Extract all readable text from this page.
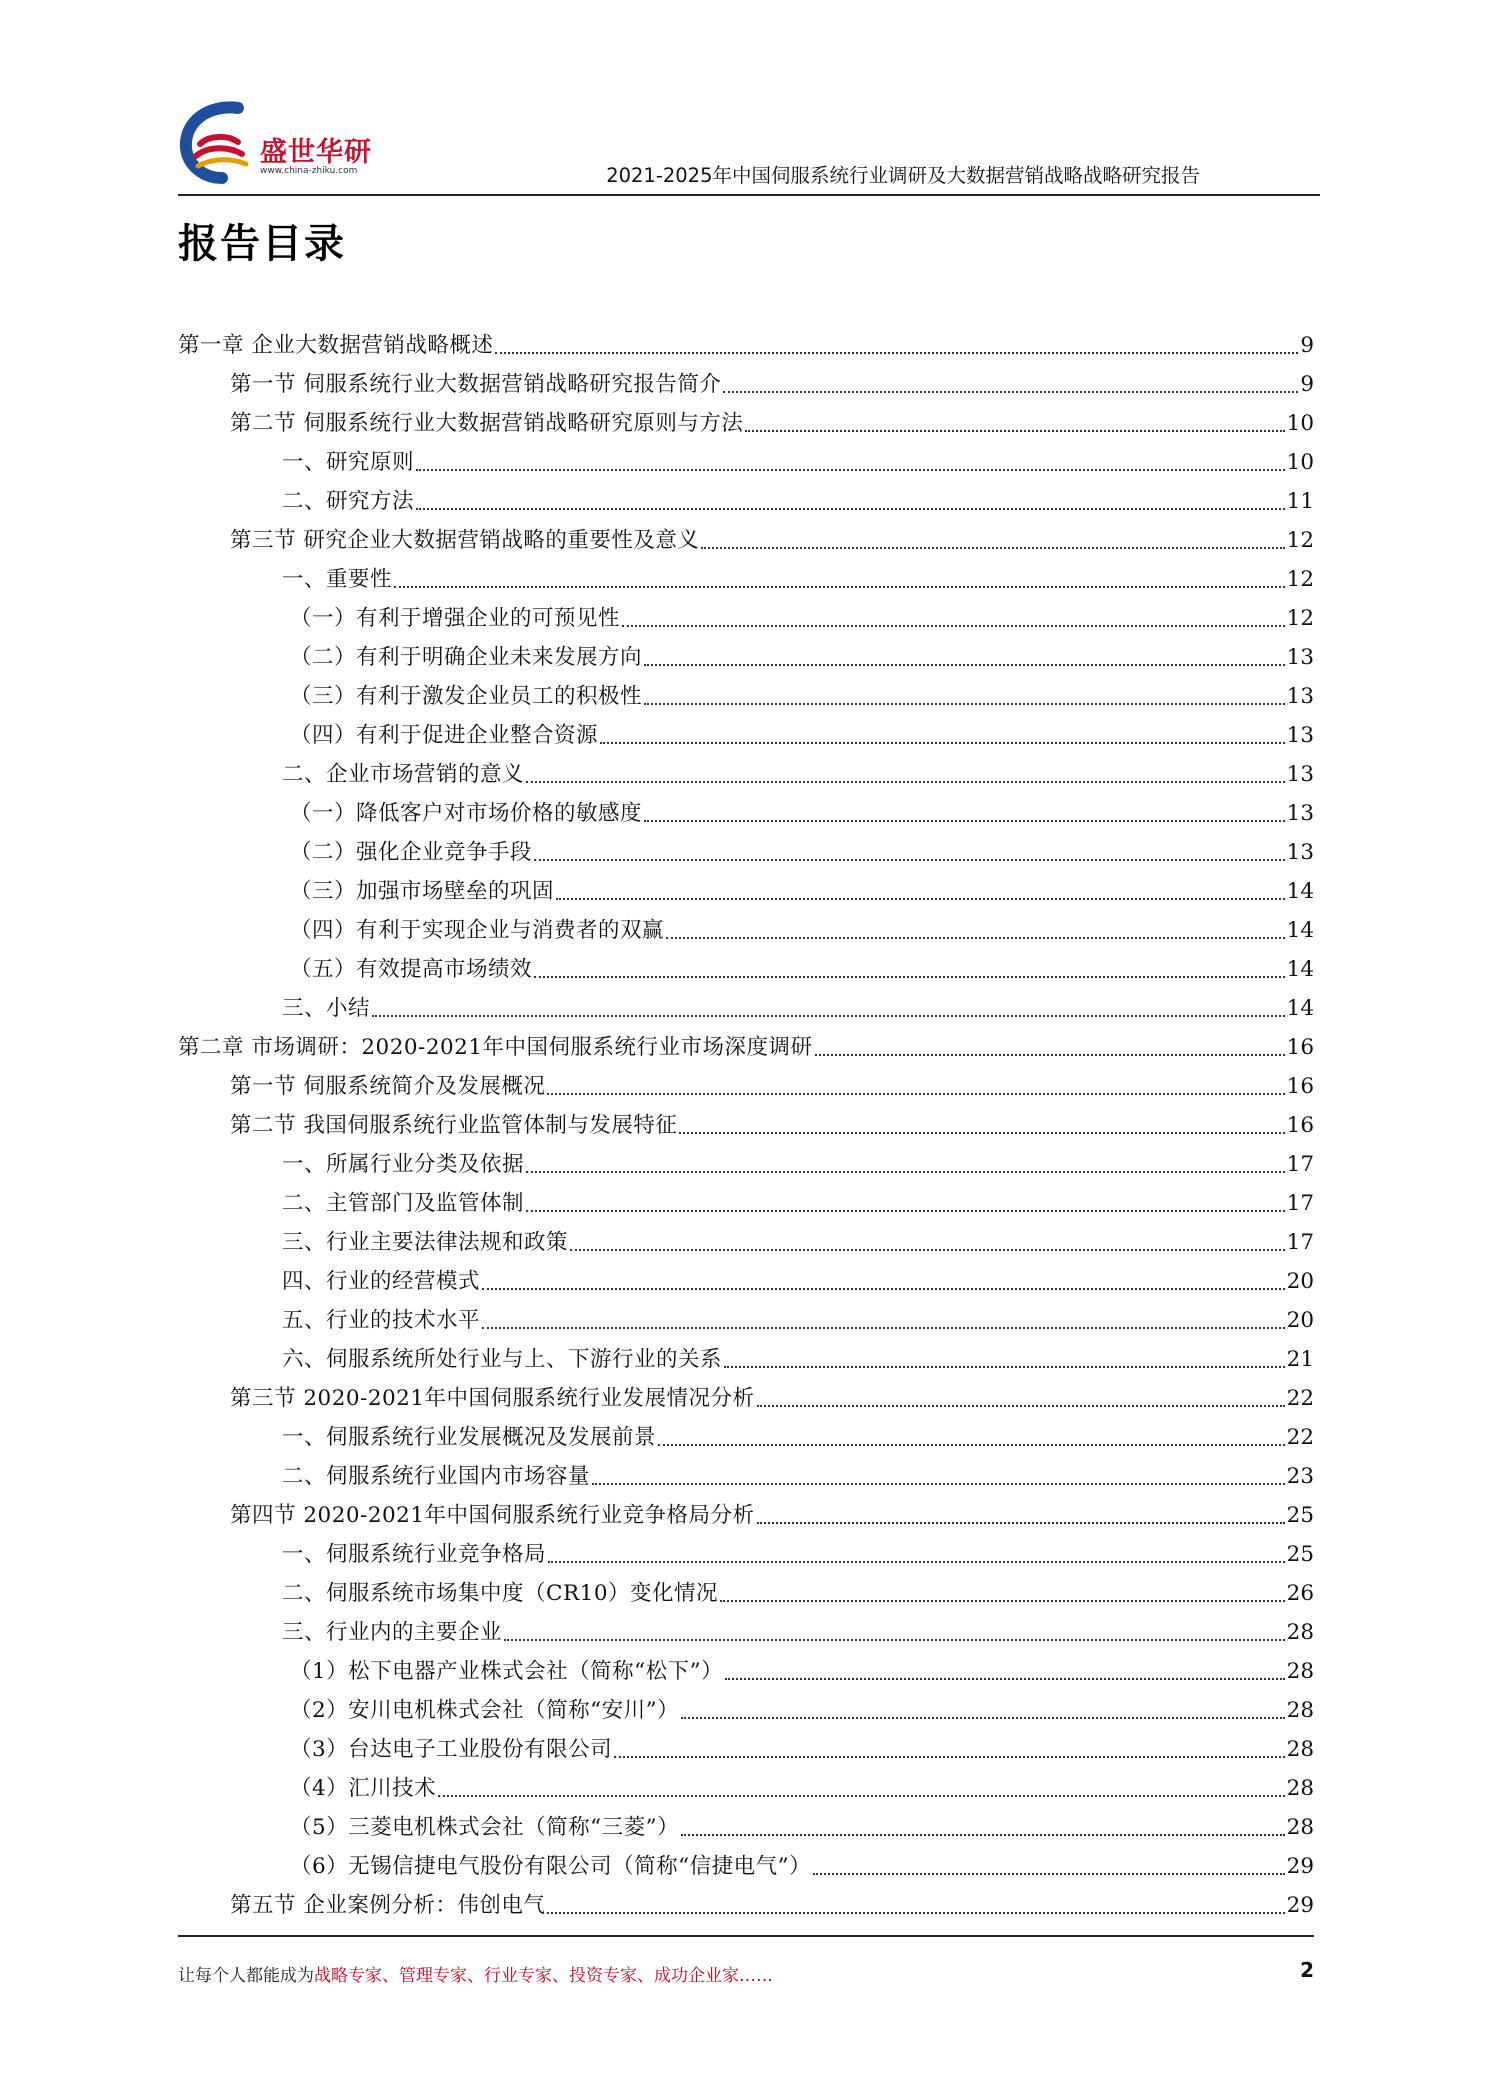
盛世华研
www.china-zhiku.com	2021-2025年中国伺服系统行业调研及大数据营销战略战略研究报告
报告目录
第一章 企业大数据营销战略概述	9
第一节 伺服系统行业大数据营销战略研究报告简介	9
第二节 伺服系统行业大数据营销战略研究原则与方法	10
一、研究原则	10
二、研究方法	11
第三节 研究企业大数据营销战略的重要性及意义	12
一、重要性	12
（一）有利于增强企业的可预见性	12
（二）有利于明确企业未来发展方向	13
（三）有利于激发企业员工的积极性	13
（四）有利于促进企业整合资源	13
二、企业市场营销的意义	13
（一）降低客户对市场价格的敏感度	13
（二）强化企业竞争手段	13
（三）加强市场壁垒的巩固	14
（四）有利于实现企业与消费者的双赢	14
（五）有效提高市场绩效	14
三、小结	14
第二章 市场调研：2020-2021年中国伺服系统行业市场深度调研	16
第一节 伺服系统简介及发展概况	16
第二节 我国伺服系统行业监管体制与发展特征	16
一、所属行业分类及依据	17
二、主管部门及监管体制	17
三、行业主要法律法规和政策	17
四、行业的经营模式	20
五、行业的技术水平	20
六、伺服系统所处行业与上、下游行业的关系	21
第三节 2020-2021年中国伺服系统行业发展情况分析	22
一、伺服系统行业发展概况及发展前景	22
二、伺服系统行业国内市场容量	23
第四节 2020-2021年中国伺服系统行业竞争格局分析	25
一、伺服系统行业竞争格局	25
二、伺服系统市场集中度（CR10）变化情况	26
三、行业内的主要企业	28
（1）松下电器产业株式会社（简称“松下”）	28
（2）安川电机株式会社（简称“安川”）	28
（3）台达电子工业股份有限公司	28
（4）汇川技术	28
（5）三菱电机株式会社（简称“三菱”）	28
（6）无锡信捷电气股份有限公司（简称“信捷电气”）	29
第五节 企业案例分析：伟创电气	29
让每个人都能成为战略专家、管理专家、行业专家、投资专家、成功企业家……	2
